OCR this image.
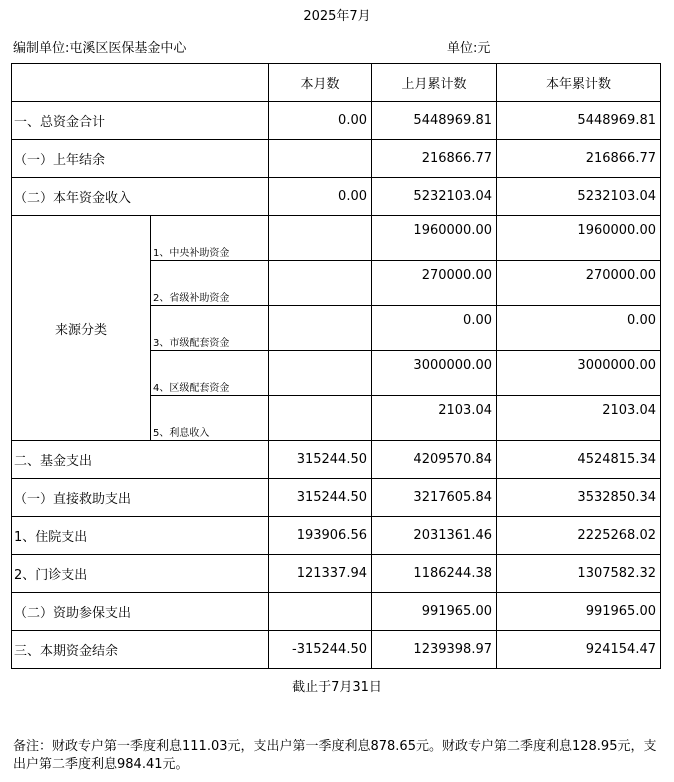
2025年7月
编制单位:屯溪区医保基金中心	单位:元
		本月数	上月累计数	本年累计数
一、总资金合计		0.00	5448969.81	5448969.81
（一）上年结余			216866.77	216866.77
（二）本年资金收入		0.00	5232103.04	5232103.04
来源分类	1、中央补助资金		1960000.00	1960000.00
	2、省级补助资金		270000.00	270000.00
	3、市级配套资金		0.00	0.00
	4、区级配套资金		3000000.00	3000000.00
	5、利息收入		2103.04	2103.04
二、基金支出		315244.50	4209570.84	4524815.34
（一）直接救助支出		315244.50	3217605.84	3532850.34
1、住院支出		193906.56	2031361.46	2225268.02
2、门诊支出		121337.94	1186244.38	1307582.32
（二）资助参保支出			991965.00	991965.00
三、本期资金结余		-315244.50	1239398.97	924154.47
截止于7月31日
备注：财政专户第一季度利息111.03元，支出户第一季度利息878.65元。财政专户第二季度利息128.95元，支出户第二季度利息984.41元。
